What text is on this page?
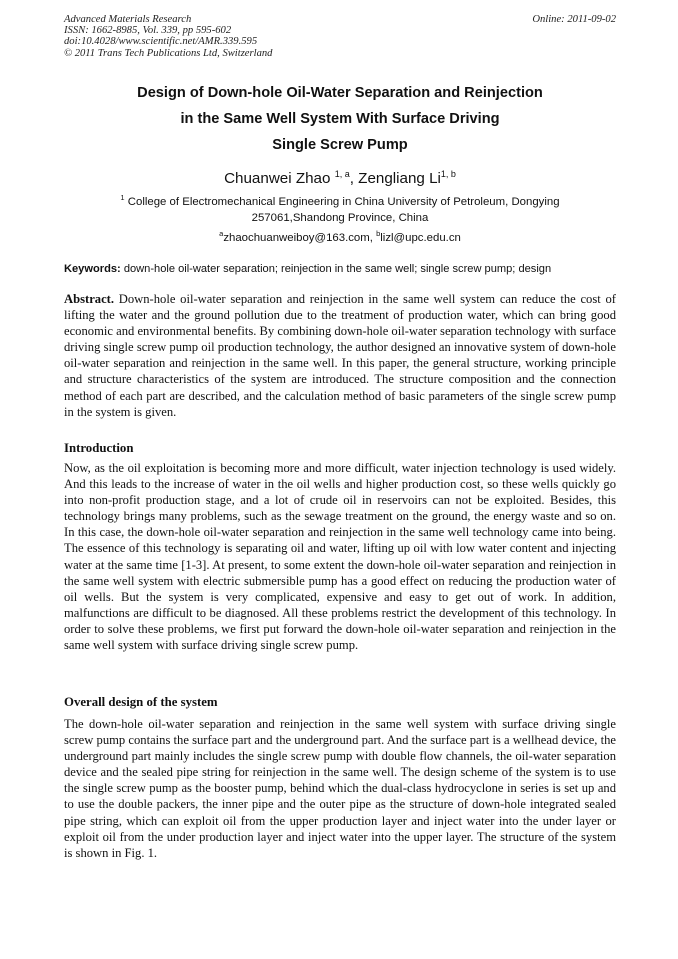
Advanced Materials Research
ISSN: 1662-8985, Vol. 339, pp 595-602
doi:10.4028/www.scientific.net/AMR.339.595
© 2011 Trans Tech Publications Ltd, Switzerland
Online: 2011-09-02
Design of Down-hole Oil-Water Separation and Reinjection
in the Same Well System With Surface Driving
Single Screw Pump
Chuanwei Zhao $^{1, a}$, Zengliang Li$^{1, b}$
$^1$ College of Electromechanical Engineering in China University of Petroleum, Dongying
257061,Shandong Province, China
$^a$zhaochuanweiboy@163.com, $^b$lizl@upc.edu.cn
Keywords: down-hole oil-water separation; reinjection in the same well; single screw pump; design
Abstract. Down-hole oil-water separation and reinjection in the same well system can reduce the cost of lifting the water and the ground pollution due to the treatment of production water, which can bring good economic and environmental benefits. By combining down-hole oil-water separation technology with surface driving single screw pump oil production technology, the author designed an innovative system of down-hole oil-water separation and reinjection in the same well. In this paper, the general structure, working principle and structure characteristics of the system are introduced. The structure composition and the connection method of each part are described, and the calculation method of basic parameters of the single screw pump in the system is given.
Introduction
Now, as the oil exploitation is becoming more and more difficult, water injection technology is used widely. And this leads to the increase of water in the oil wells and higher production cost, so these wells quickly go into non-profit production stage, and a lot of crude oil in reservoirs can not be exploited. Besides, this technology brings many problems, such as the sewage treatment on the ground, the energy waste and so on. In this case, the down-hole oil-water separation and reinjection in the same well technology came into being. The essence of this technology is separating oil and water, lifting up oil with low water content and injecting water at the same time [1-3]. At present, to some extent the down-hole oil-water separation and reinjection in the same well system with electric submersible pump has a good effect on reducing the production water of oil wells. But the system is very complicated, expensive and easy to get out of work. In addition, malfunctions are difficult to be diagnosed. All these problems restrict the development of this technology. In order to solve these problems, we first put forward the down-hole oil-water separation and reinjection in the same well system with surface driving single screw pump.
Overall design of the system
The down-hole oil-water separation and reinjection in the same well system with surface driving single screw pump contains the surface part and the underground part. And the surface part is a wellhead device, the underground part mainly includes the single screw pump with double flow channels, the oil-water separation device and the sealed pipe string for reinjection in the same well. The design scheme of the system is to use the single screw pump as the booster pump, behind which the dual-class hydrocyclone in series is set up and to use the double packers, the inner pipe and the outer pipe as the structure of down-hole integrated sealed pipe string, which can exploit oil from the upper production layer and inject water into the under layer or exploit oil from the under production layer and inject water into the upper layer. The structure of the system is shown in Fig. 1.
